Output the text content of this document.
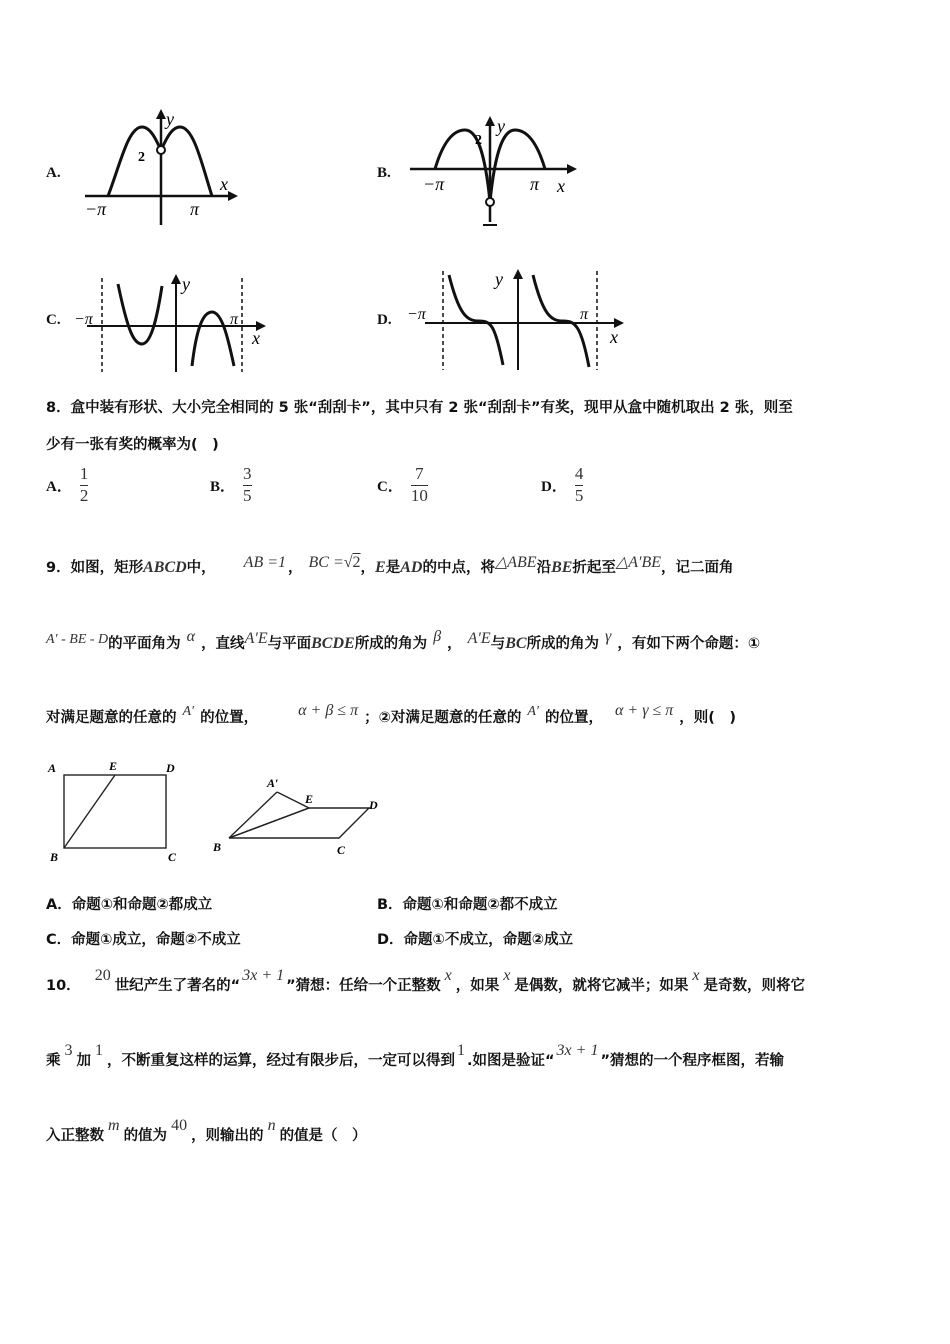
A.
2
y
x
−π	π
B.
2
y
x
−π	π
C. −π	π
y
x
D. −π	π
y
x
8．盒中装有形状、大小完全相同的 5 张“刮刮卡”，其中只有 2 张“刮刮卡”有奖，现甲从盒中随机取出 2 张，则至
少有一张有奖的概率为(　)
A． $\frac{1}{2}$	B． $\frac{3}{5}$	C． $\frac{7}{10}$	D． $\frac{4}{5}$
9．如图，矩形 ABCD 中， AB =1 ， BC = √2 ， E 是 AD 的中点，将 △ABE 沿 BE 折起至 △A′BE ，记二面角
A′ - BE - D 的平面角为 α ，直线 A′E 与平面 BCDE 所成的角为 β ， A′E 与 BC 所成的角为 γ ，有如下两个命题：①
对满足题意的任意的 A′ 的位置，	α + β ≤ π ；②对满足题意的任意的 A′ 的位置， α + γ ≤ π ，则(　)
A	E	D
B	C
A′
E	D
B	C
A．命题①和命题②都成立	B．命题①和命题②都不成立
C．命题①成立，命题②不成立	D．命题①不成立，命题②成立
10．
20
世纪产生了著名的“
3x + 1
”猜想：任给一个正整数
x
，如果
x
是偶数，就将它减半；如果
x
是奇数，则将它
乘
3
加
1
，不断重复这样的运算，经过有限步后，一定可以得到
1
.如图是验证“
3x + 1
”猜想的一个程序框图，若输
入正整数
m
的值为
40
，则输出的
n
的值是（　）
